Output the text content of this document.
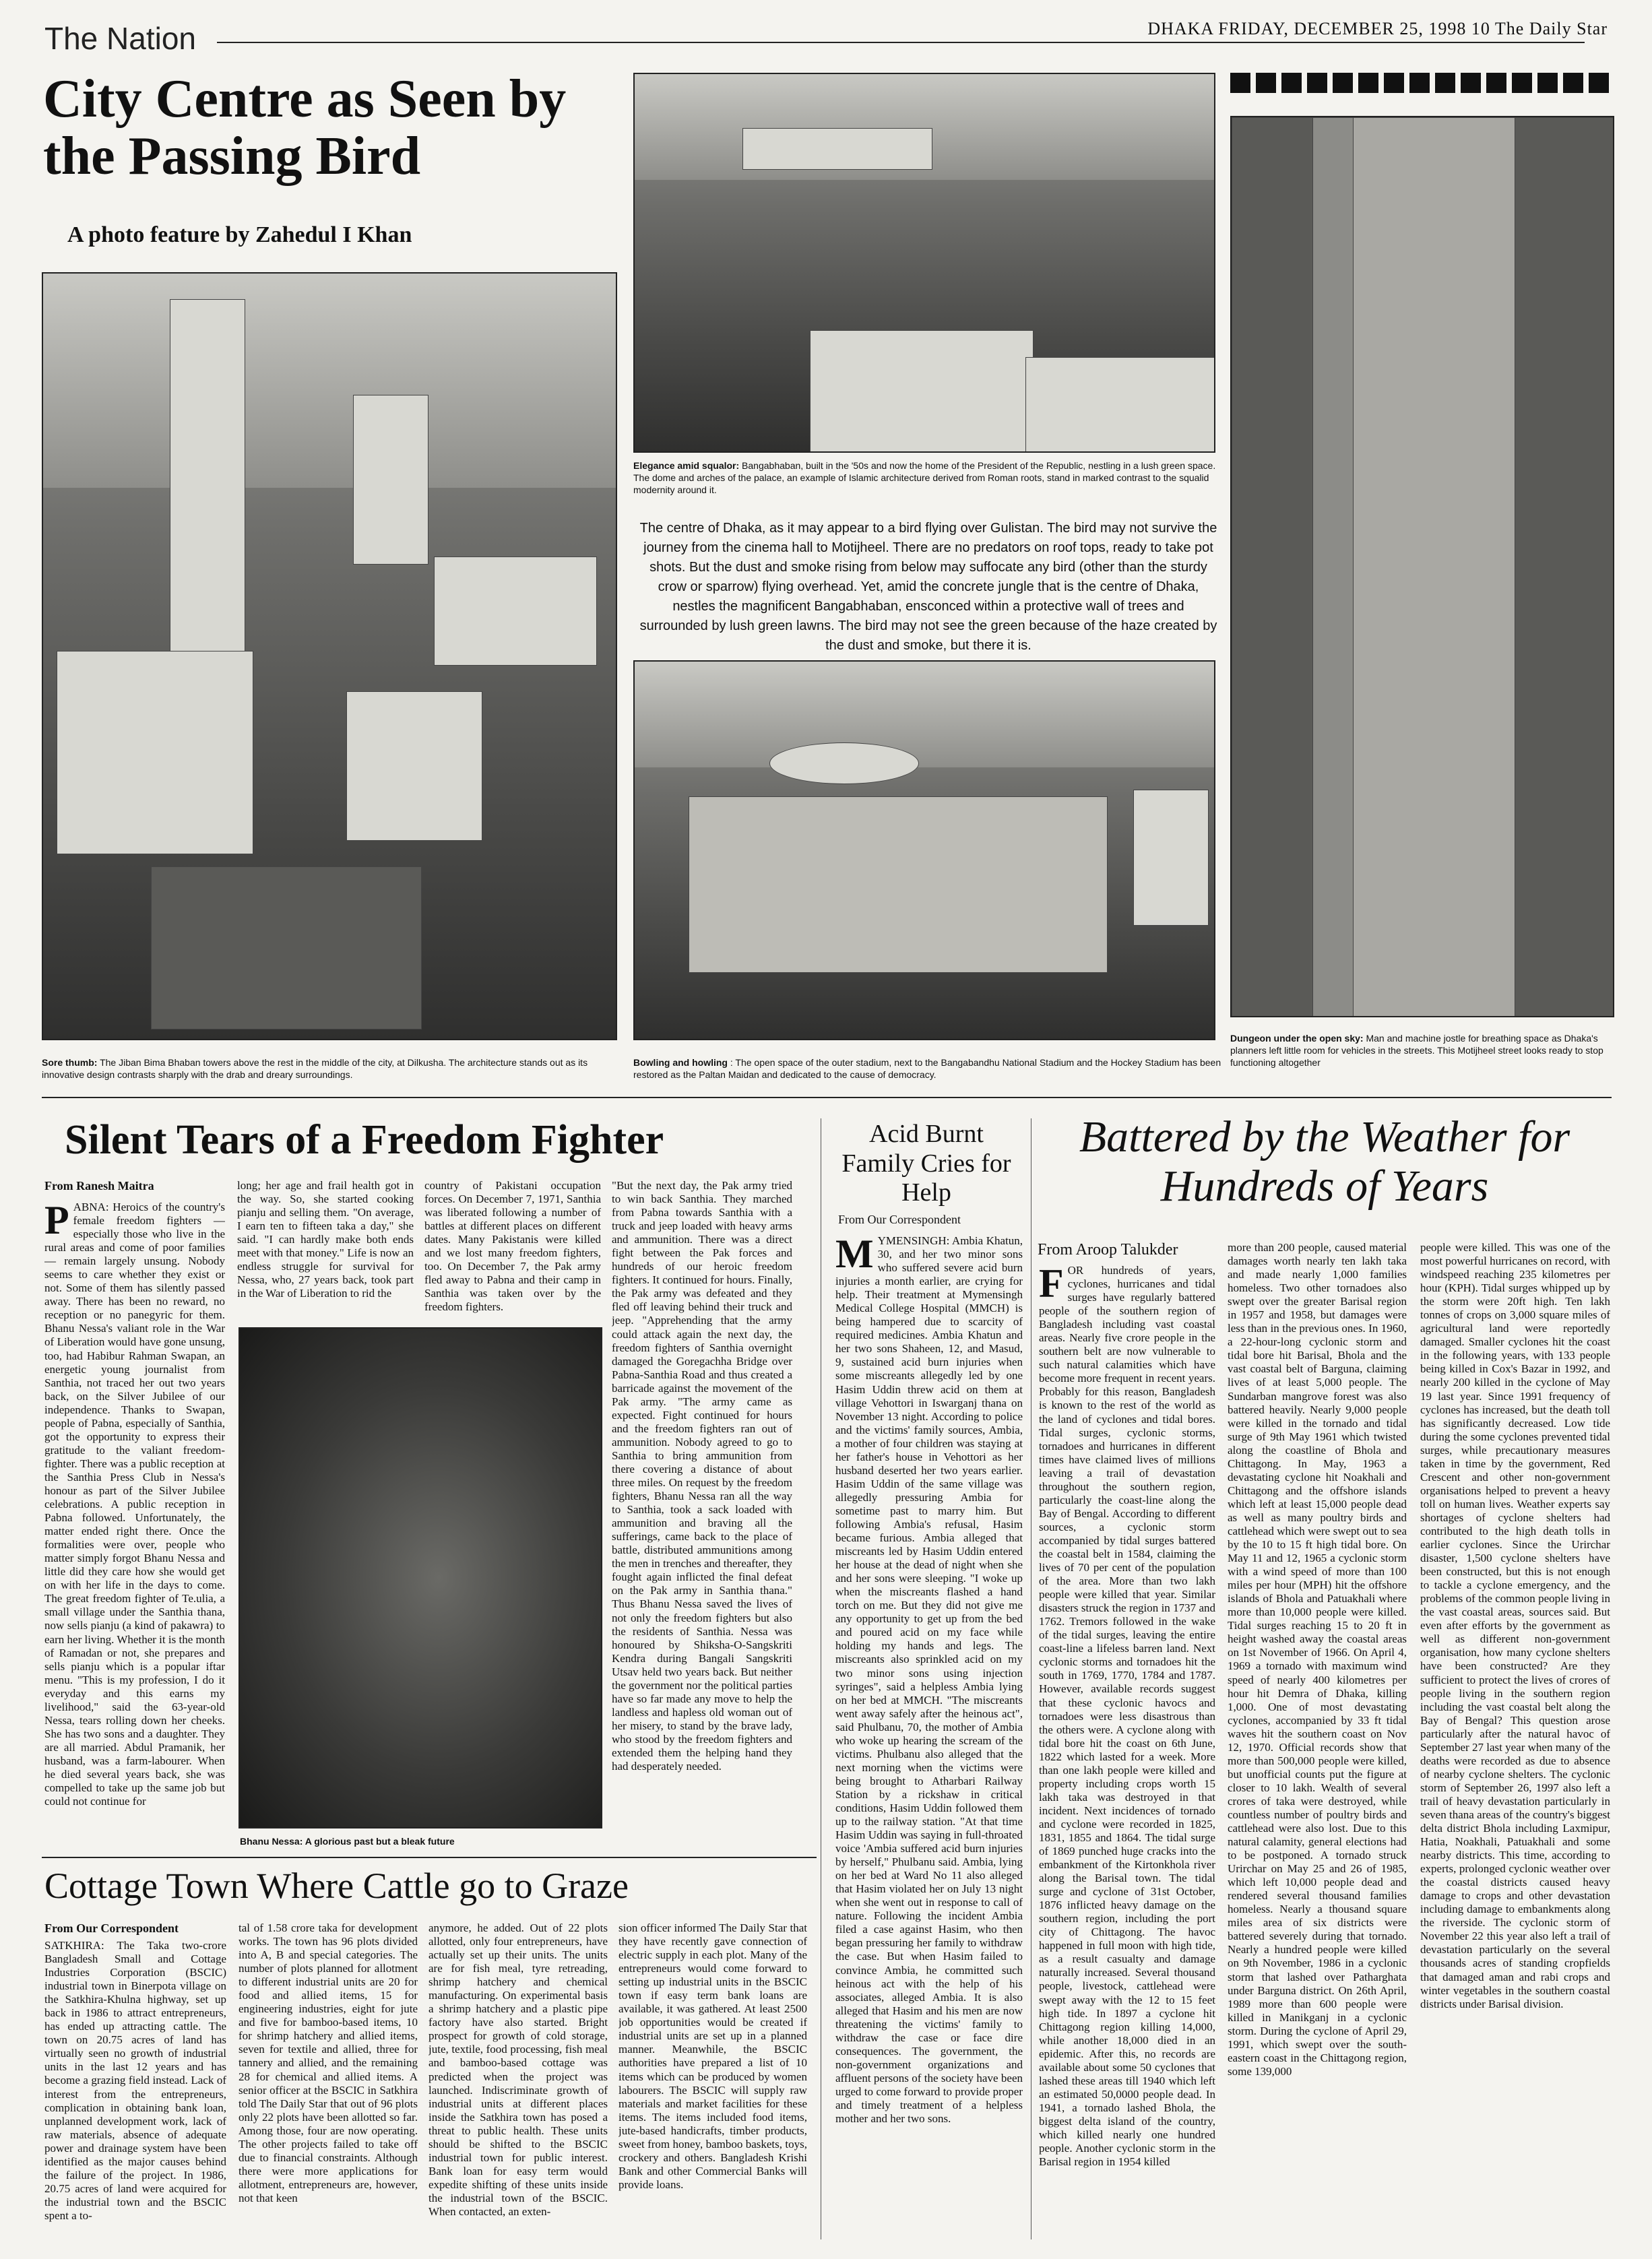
The Nation	DHAKA FRIDAY, DECEMBER 25, 1998 10 The Daily Star
City Centre as Seen by the Passing Bird
A photo feature by Zahedul I Khan
Sore thumb: The Jiban Bima Bhaban towers above the rest in the middle of the city, at Dilkusha. The architecture stands out as its innovative design contrasts sharply with the drab and dreary surroundings.
Elegance amid squalor: Bangabhaban, built in the '50s and now the home of the President of the Republic, nestling in a lush green space. The dome and arches of the palace, an example of Islamic architecture derived from Roman roots, stand in marked contrast to the squalid modernity around it.
The centre of Dhaka, as it may appear to a bird flying over Gulistan. The bird may not survive the journey from the cinema hall to Motijheel. There are no predators on roof tops, ready to take pot shots. But the dust and smoke rising from below may suffocate any bird (other than the sturdy crow or sparrow) flying overhead. Yet, amid the concrete jungle that is the centre of Dhaka, nestles the magnificent Bangabhaban, ensconced within a protective wall of trees and surrounded by lush green lawns. The bird may not see the green because of the haze created by the dust and smoke, but there it is.
Bowling and howling : The open space of the outer stadium, next to the Bangabandhu National Stadium and the Hockey Stadium has been restored as the Paltan Maidan and dedicated to the cause of democracy.
Dungeon under the open sky: Man and machine jostle for breathing space as Dhaka's planners left little room for vehicles in the streets. This Motijheel street looks ready to stop functioning altogether
Silent Tears of a Freedom Fighter
From Ranesh Maitra
PABNA: Heroics of the country's female freedom fighters — especially those who live in the rural areas and come of poor families — remain largely unsung. Nobody seems to care whether they exist or not. Some of them has silently passed away. There has been no reward, no reception or no panegyric for them. Bhanu Nessa's valiant role in the War of Liberation would have gone unsung, too, had Habibur Rahman Swapan, an energetic young journalist from Santhia, not traced her out two years back, on the Silver Jubilee of our independence. Thanks to Swapan, people of Pabna, especially of Santhia, got the opportunity to express their gratitude to the valiant freedom-fighter. There was a public reception at the Santhia Press Club in Nessa's honour as part of the Silver Jubilee celebrations. A public reception in Pabna followed. Unfortunately, the matter ended right there. Once the formalities were over, people who matter simply forgot Bhanu Nessa and little did they care how she would get on with her life in the days to come. The great freedom fighter of Te.ulia, a small village under the Santhia thana, now sells pianju (a kind of pakawra) to earn her living. Whether it is the month of Ramadan or not, she prepares and sells pianju which is a popular iftar menu. "This is my profession, I do it everyday and this earns my livelihood," said the 63-year-old Nessa, tears rolling down her cheeks. She has two sons and a daughter. They are all married. Abdul Pramanik, her husband, was a farm-labourer. When he died several years back, she was compelled to take up the same job but could not continue for
long; her age and frail health got in the way. So, she started cooking pianju and selling them. "On average, I earn ten to fifteen taka a day," she said. "I can hardly make both ends meet with that money." Life is now an endless struggle for survival for Nessa, who, 27 years back, took part in the War of Liberation to rid the
country of Pakistani occupation forces. On December 7, 1971, Santhia was liberated following a number of battles at different places on different dates. Many Pakistanis were killed and we lost many freedom fighters, too. On December 7, the Pak army fled away to Pabna and their camp in Santhia was taken over by the freedom fighters.
"But the next day, the Pak army tried to win back Santhia. They marched from Pabna towards Santhia with a truck and jeep loaded with heavy arms and ammunition. There was a direct fight between the Pak forces and hundreds of our heroic freedom fighters. It continued for hours. Finally, the Pak army was defeated and they fled off leaving behind their truck and jeep. "Apprehending that the army could attack again the next day, the freedom fighters of Santhia overnight damaged the Goregachha Bridge over Pabna-Santhia Road and thus created a barricade against the movement of the Pak army. "The army came as expected. Fight continued for hours and the freedom fighters ran out of ammunition. Nobody agreed to go to Santhia to bring ammunition from there covering a distance of about three miles. On request by the freedom fighters, Bhanu Nessa ran all the way to Santhia, took a sack loaded with ammunition and braving all the sufferings, came back to the place of battle, distributed ammunitions among the men in trenches and thereafter, they fought again inflicted the final defeat on the Pak army in Santhia thana." Thus Bhanu Nessa saved the lives of not only the freedom fighters but also the residents of Santhia. Nessa was honoured by Shiksha-O-Sangskriti Kendra during Bangali Sangskriti Utsav held two years back. But neither the government nor the political parties have so far made any move to help the landless and hapless old woman out of her misery, to stand by the brave lady, who stood by the freedom fighters and extended them the helping hand they had desperately needed.
Bhanu Nessa: A glorious past but a bleak future
Acid Burnt Family Cries for Help
From Our Correspondent
MYMENSINGH: Ambia Khatun, 30, and her two minor sons who suffered severe acid burn injuries a month earlier, are crying for help. Their treatment at Mymensingh Medical College Hospital (MMCH) is being hampered due to scarcity of required medicines. Ambia Khatun and her two sons Shaheen, 12, and Masud, 9, sustained acid burn injuries when some miscreants allegedly led by one Hasim Uddin threw acid on them at village Vehottori in Iswarganj thana on November 13 night. According to police and the victims' family sources, Ambia, a mother of four children was staying at her father's house in Vehottori as her husband deserted her two years earlier. Hasim Uddin of the same village was allegedly pressuring Ambia for sometime past to marry him. But following Ambia's refusal, Hasim became furious. Ambia alleged that miscreants led by Hasim Uddin entered her house at the dead of night when she and her sons were sleeping. "I woke up when the miscreants flashed a hand torch on me. But they did not give me any opportunity to get up from the bed and poured acid on my face while holding my hands and legs. The miscreants also sprinkled acid on my two minor sons using injection syringes", said a helpless Ambia lying on her bed at MMCH. "The miscreants went away safely after the heinous act", said Phulbanu, 70, the mother of Ambia who woke up hearing the scream of the victims. Phulbanu also alleged that the next morning when the victims were being brought to Atharbari Railway Station by a rickshaw in critical conditions, Hasim Uddin followed them up to the railway station. "At that time Hasim Uddin was saying in full-throated voice 'Ambia suffered acid burn injuries by herself," Phulbanu said. Ambia, lying on her bed at Ward No 11 also alleged that Hasim violated her on July 13 night when she went out in response to call of nature. Following the incident Ambia filed a case against Hasim, who then began pressuring her family to withdraw the case. But when Hasim failed to convince Ambia, he committed such heinous act with the help of his associates, alleged Ambia. It is also alleged that Hasim and his men are now threatening the victims' family to withdraw the case or face dire consequences. The government, the non-government organizations and affluent persons of the society have been urged to come forward to provide proper and timely treatment of a helpless mother and her two sons.
Battered by the Weather for Hundreds of Years
From Aroop Talukder
FOR hundreds of years, cyclones, hurricanes and tidal surges have regularly battered people of the southern region of Bangladesh including vast coastal areas. Nearly five crore people in the southern belt are now vulnerable to such natural calamities which have become more frequent in recent years. Probably for this reason, Bangladesh is known to the rest of the world as the land of cyclones and tidal bores. Tidal surges, cyclonic storms, tornadoes and hurricanes in different times have claimed lives of millions leaving a trail of devastation throughout the southern region, particularly the coast-line along the Bay of Bengal. According to different sources, a cyclonic storm accompanied by tidal surges battered the coastal belt in 1584, claiming the lives of 70 per cent of the population of the area. More than two lakh people were killed that year. Similar disasters struck the region in 1737 and 1762. Tremors followed in the wake of the tidal surges, leaving the entire coast-line a lifeless barren land. Next cyclonic storms and tornadoes hit the south in 1769, 1770, 1784 and 1787. However, available records suggest that these cyclonic havocs and tornadoes were less disastrous than the others were. A cyclone along with tidal bore hit the coast on 6th June, 1822 which lasted for a week. More than one lakh people were killed and property including crops worth 15 lakh taka was destroyed in that incident. Next incidences of tornado and cyclone were recorded in 1825, 1831, 1855 and 1864. The tidal surge of 1869 punched huge cracks into the embankment of the Kirtonkhola river along the Barisal town. The tidal surge and cyclone of 31st October, 1876 inflicted heavy damage on the southern region, including the port city of Chittagong. The havoc happened in full moon with high tide, as a result casualty and damage naturally increased. Several thousand people, livestock, cattlehead were swept away with the 12 to 15 feet high tide. In 1897 a cyclone hit Chittagong region killing 14,000, while another 18,000 died in an epidemic. After this, no records are available about some 50 cyclones that lashed these areas till 1940 which left an estimated 50,0000 people dead. In 1941, a tornado lashed Bhola, the biggest delta island of the country, which killed nearly one hundred people. Another cyclonic storm in the Barisal region in 1954 killed
more than 200 people, caused material damages worth nearly ten lakh taka and made nearly 1,000 families homeless. Two other tornadoes also swept over the greater Barisal region in 1957 and 1958, but damages were less than in the previous ones. In 1960, a 22-hour-long cyclonic storm and tidal bore hit Barisal, Bhola and the vast coastal belt of Barguna, claiming lives of at least 5,000 people. The Sundarban mangrove forest was also battered heavily. Nearly 9,000 people were killed in the tornado and tidal surge of 9th May 1961 which twisted along the coastline of Bhola and Chittagong. In May, 1963 a devastating cyclone hit Noakhali and Chittagong and the offshore islands which left at least 15,000 people dead as well as many poultry birds and cattlehead which were swept out to sea by the 10 to 15 ft high tidal bore. On May 11 and 12, 1965 a cyclonic storm with a wind speed of more than 100 miles per hour (MPH) hit the offshore islands of Bhola and Patuakhali where more than 10,000 people were killed. Tidal surges reaching 15 to 20 ft in height washed away the coastal areas on 1st November of 1966. On April 4, 1969 a tornado with maximum wind speed of nearly 400 kilometres per hour hit Demra of Dhaka, killing 1,000. One of most devastating cyclones, accompanied by 33 ft tidal waves hit the southern coast on Nov 12, 1970. Official records show that more than 500,000 people were killed, but unofficial counts put the figure at closer to 10 lakh. Wealth of several crores of taka were destroyed, while countless number of poultry birds and cattlehead were also lost. Due to this natural calamity, general elections had to be postponed. A tornado struck Urirchar on May 25 and 26 of 1985, which left 10,000 people dead and rendered several thousand families homeless. Nearly a thousand square miles area of six districts were battered severely during that tornado. Nearly a hundred people were killed on 9th November, 1986 in a cyclonic storm that lashed over Patharghata under Barguna district. On 26th April, 1989 more than 600 people were killed in Manikganj in a cyclonic storm. During the cyclone of April 29, 1991, which swept over the south-eastern coast in the Chittagong region, some 139,000
people were killed. This was one of the most powerful hurricanes on record, with windspeed reaching 235 kilometres per hour (KPH). Tidal surges whipped up by the storm were 20ft high. Ten lakh tonnes of crops on 3,000 square miles of agricultural land were reportedly damaged. Smaller cyclones hit the coast in the following years, with 133 people being killed in Cox's Bazar in 1992, and nearly 200 killed in the cyclone of May 19 last year. Since 1991 frequency of cyclones has increased, but the death toll has significantly decreased. Low tide during the some cyclones prevented tidal surges, while precautionary measures taken in time by the government, Red Crescent and other non-government organisations helped to prevent a heavy toll on human lives. Weather experts say shortages of cyclone shelters had contributed to the high death tolls in earlier cyclones. Since the Urirchar disaster, 1,500 cyclone shelters have been constructed, but this is not enough to tackle a cyclone emergency, and the problems of the common people living in the vast coastal areas, sources said. But even after efforts by the government as well as different non-government organisation, how many cyclone shelters have been constructed? Are they sufficient to protect the lives of crores of people living in the southern region including the vast coastal belt along the Bay of Bengal? This question arose particularly after the natural havoc of September 27 last year when many of the deaths were recorded as due to absence of nearby cyclone shelters. The cyclonic storm of September 26, 1997 also left a trail of heavy devastation particularly in seven thana areas of the country's biggest delta district Bhola including Laxmipur, Hatia, Noakhali, Patuakhali and some nearby districts. This time, according to experts, prolonged cyclonic weather over the coastal districts caused heavy damage to crops and other devastation including damage to embankments along the riverside. The cyclonic storm of November 22 this year also left a trail of devastation particularly on the several thousands acres of standing cropfields that damaged aman and rabi crops and winter vegetables in the southern coastal districts under Barisal division.
Cottage Town Where Cattle go to Graze
From Our Correspondent
SATKHIRA: The Taka two-crore Bangladesh Small and Cottage Industries Corporation (BSCIC) industrial town in Binerpota village on the Satkhira-Khulna highway, set up back in 1986 to attract entrepreneurs, has ended up attracting cattle. The town on 20.75 acres of land has virtually seen no growth of industrial units in the last 12 years and has become a grazing field instead. Lack of interest from the entrepreneurs, complication in obtaining bank loan, unplanned development work, lack of raw materials, absence of adequate power and drainage system have been identified as the major causes behind the failure of the project. In 1986, 20.75 acres of land were acquired for the industrial town and the BSCIC spent a to-
tal of 1.58 crore taka for development works. The town has 96 plots divided into A, B and special categories. The number of plots planned for allotment to different industrial units are 20 for food and allied items, 15 for engineering industries, eight for jute and five for bamboo-based items, 10 for shrimp hatchery and allied items, seven for textile and allied, three for tannery and allied, and the remaining 28 for chemical and allied items. A senior officer at the BSCIC in Satkhira told The Daily Star that out of 96 plots only 22 plots have been allotted so far. Among those, four are now operating. The other projects failed to take off due to financial constraints. Although there were more applications for allotment, entrepreneurs are, however, not that keen
anymore, he added. Out of 22 plots allotted, only four entrepreneurs, have actually set up their units. The units are for fish meal, tyre retreading, shrimp hatchery and chemical manufacturing. On experimental basis a shrimp hatchery and a plastic pipe factory have also started. Bright prospect for growth of cold storage, jute, textile, food processing, fish meal and bamboo-based cottage was predicted when the project was launched. Indiscriminate growth of industrial units at different places inside the Satkhira town has posed a threat to public health. These units should be shifted to the BSCIC industrial town for public interest. Bank loan for easy term would expedite shifting of these units inside the industrial town of the BSCIC. When contacted, an exten-
sion officer informed The Daily Star that they have recently gave connection of electric supply in each plot. Many of the entrepreneurs would come forward to setting up industrial units in the BSCIC town if easy term bank loans are available, it was gathered. At least 2500 job opportunities would be created if industrial units are set up in a planned manner. Meanwhile, the BSCIC authorities have prepared a list of 10 items which can be produced by women labourers. The BSCIC will supply raw materials and market facilities for these items. The items included food items, jute-based handicrafts, timber products, sweet from honey, bamboo baskets, toys, crockery and others. Bangladesh Krishi Bank and other Commercial Banks will provide loans.
